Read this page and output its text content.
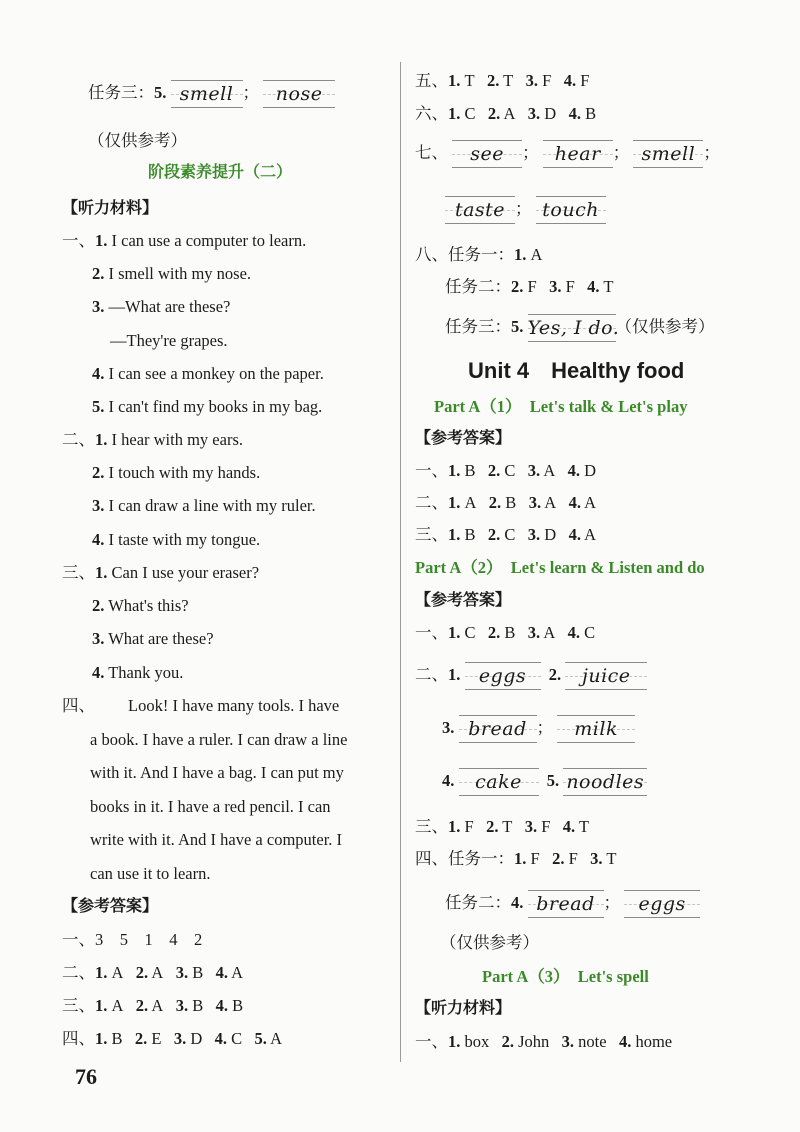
任务三：5. smell ；
nose
（仅供参考）
阶段素养提升（二）
【听力材料】
一、1. I can use a computer to learn.
2. I smell with my nose.
3. —What are these?
—They're grapes.
4. I can see a monkey on the paper.
5. I can't find my books in my bag.
二、1. I hear with my ears.
2. I touch with my hands.
3. I can draw a line with my ruler.
4. I taste with my tongue.
三、1. Can I use your eraser?
2. What's this?
3. What are these?
4. Thank you.
四、 Look! I have many tools. I have
a book. I have a ruler. I can draw a line
with it. And I have a bag. I can put my
books in it. I have a red pencil. I can
write with it. And I have a computer. I
can use it to learn.
【参考答案】
一、3　5　1　4　2
二、1. A 2. A 3. B 4. A
三、1. A 2. A 3. B 4. B
四、1. B 2. E 3. D 4. C 5. A
76
五、1. T 2. T 3. F 4. F
六、1. C 2. A 3. D 4. B
七、 see ；
hear ；
smell ；
taste ；
touch
八、任务一：1. A
任务二：2. F 3. F 4. T
任务三：5. Yes, I do.（仅供参考）
Unit 4　Healthy food
Part A（1）　Let's talk & Let's play
【参考答案】
一、1. B 2. C 3. A 4. D
二、1. A 2. B 3. A 4. A
三、1. B 2. C 3. D 4. A
Part A（2）　Let's learn & Listen and do
【参考答案】
一、1. C 2. B 3. A 4. C
二、1. eggs 2. juice
3. bread ；
milk
4. cake 5. noodles
三、1. F 2. T 3. F 4. T
四、任务一：1. F 2. F 3. T
任务二：4. bread ；
eggs
（仅供参考）
Part A（3）　Let's spell
【听力材料】
一、1. box 2. John 3. note 4. home
